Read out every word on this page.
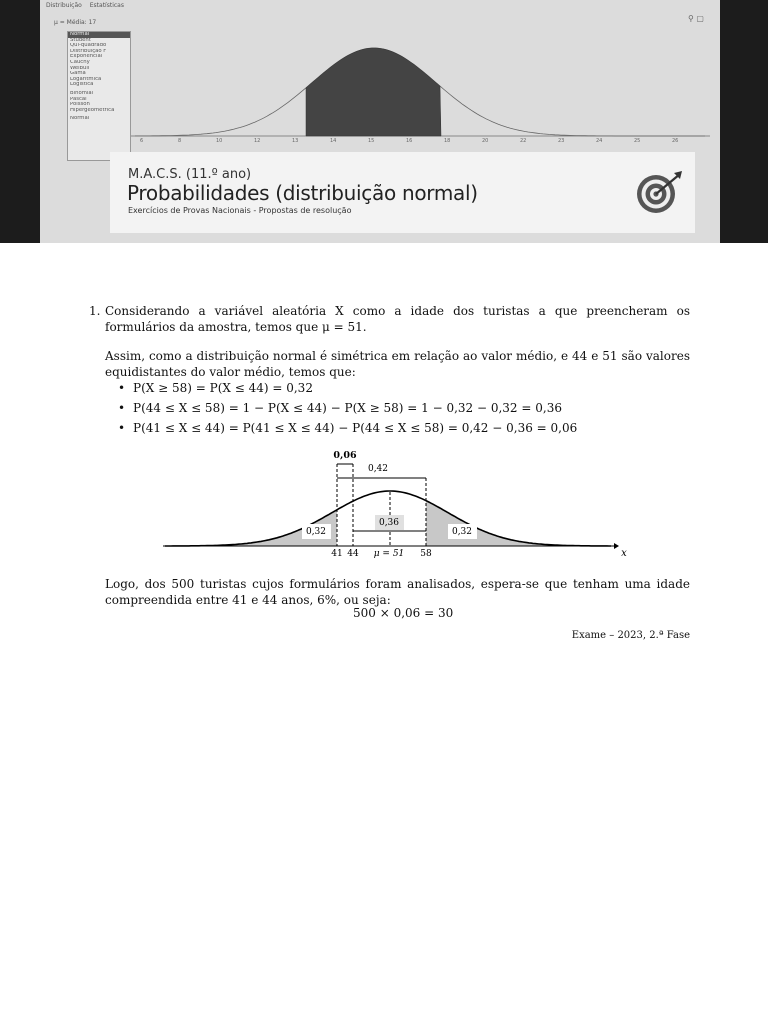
Distribuição Estatísticas
μ = Média: 17	⚲ ▢
6	8	10	12	13	14	15	16	18	20	22	23	24	25	26
Normal
Student
Qui-quadrado
Distribuição F
Exponencial
Cauchy
Weibull
Gama
Logarítmica
Logística
Binomial
Pascal
Poisson
Hipergeométrica
Normal
M.A.C.S. (11.º ano)
Probabilidades (distribuição normal)
Exercícios de Provas Nacionais - Propostas de resolução
1. Considerando a variável aleatória X como a idade dos turistas a que preencheram os formulários da amostra, temos que μ = 51.
Assim, como a distribuição normal é simétrica em relação ao valor médio, e 44 e 51 são valores equidistantes do valor médio, temos que:
• P(X ≥ 58) = P(X ≤ 44) = 0,32
• P(44 ≤ X ≤ 58) = 1 − P(X ≤ 44) − P(X ≥ 58) = 1 − 0,32 − 0,32 = 0,36
• P(41 ≤ X ≤ 44) = P(41 ≤ X ≤ 44) − P(44 ≤ X ≤ 58) = 0,42 − 0,36 = 0,06
0,06
0,42
0,32
0,36
0,32
41 44 μ = 51 58	x
Logo, dos 500 turistas cujos formulários foram analisados, espera-se que tenham uma idade compreendida entre 41 e 44 anos, 6%, ou seja:
500 × 0,06 = 30
Exame – 2023, 2.ª Fase
